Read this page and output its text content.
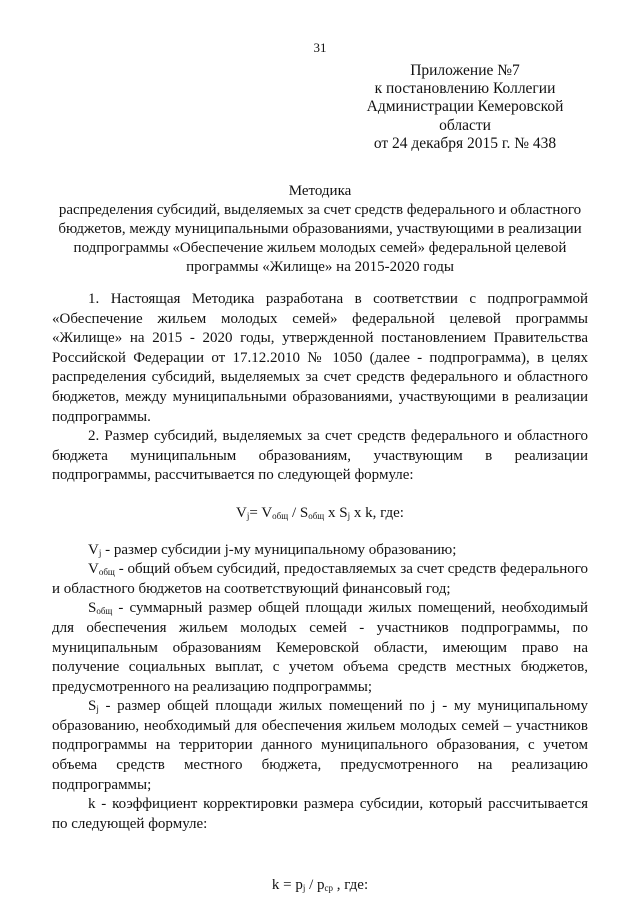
31
Приложение №7
к постановлению Коллегии
Администрации Кемеровской области
от 24 декабря 2015 г. № 438
Методика
распределения субсидий, выделяемых за счет средств федерального и областного бюджетов, между муниципальными образованиями, участвующими в реализации подпрограммы «Обеспечение жильем молодых семей» федеральной целевой программы «Жилище» на 2015-2020 годы

1. Настоящая Методика разработана в соответствии с подпрограммой «Обеспечение жильем молодых семей» федеральной целевой программы «Жилище» на 2015 - 2020 годы, утвержденной постановлением Правительства Российской Федерации от 17.12.2010 № 1050 (далее - подпрограмма), в целях распределения субсидий, выделяемых за счет средств федерального и областного бюджетов, между муниципальными образованиями, участвующими в реализации подпрограммы.

2. Размер субсидий, выделяемых за счет средств федерального и областного бюджета муниципальным образованиям, участвующим в реализации подпрограммы, рассчитывается по следующей формуле:

$V_j= V_{общ} / S_{общ}$ x $S_j$ x k, где:

$V_j$ - размер субсидии j-му муниципальному образованию;

$V_{общ}$ - общий объем субсидий, предоставляемых за счет средств федерального и областного бюджетов на соответствующий финансовый год;

$S_{общ}$ - суммарный размер общей площади жилых помещений, необходимый для обеспечения жильем молодых семей - участников подпрограммы, по муниципальным образованиям Кемеровской области, имеющим право на получение социальных выплат, с учетом объема средств местных бюджетов, предусмотренного на реализацию подпрограммы;

$S_j$ - размер общей площади жилых помещений по j - му муниципальному образованию, необходимый для обеспечения жильем молодых семей – участников подпрограммы на территории данного муниципального образования, с учетом объема средств местного бюджета, предусмотренного на реализацию подпрограммы;

k - коэффициент корректировки размера субсидии, который рассчитывается по следующей формуле:

$k = p_j / p_{ср}$ , где:
